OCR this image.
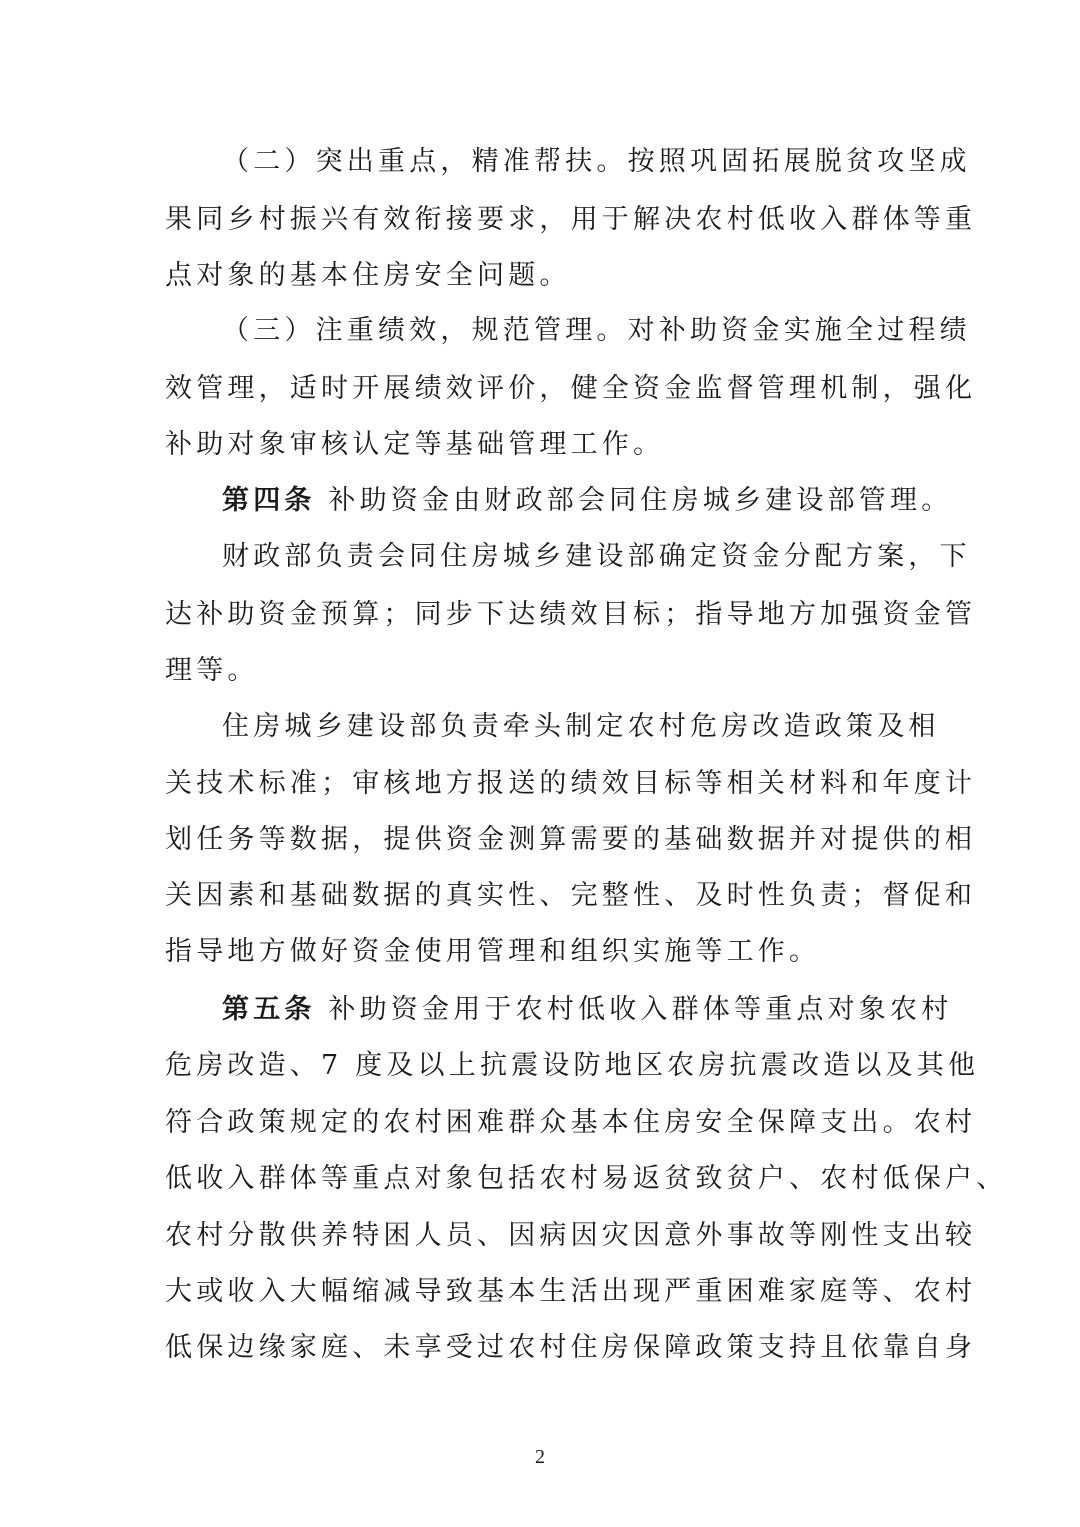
（二）突出重点，精准帮扶。按照巩固拓展脱贫攻坚成
果同乡村振兴有效衔接要求，用于解决农村低收入群体等重
点对象的基本住房安全问题。
（三）注重绩效，规范管理。对补助资金实施全过程绩
效管理，适时开展绩效评价，健全资金监督管理机制，强化
补助对象审核认定等基础管理工作。
第四条 补助资金由财政部会同住房城乡建设部管理。
财政部负责会同住房城乡建设部确定资金分配方案，下
达补助资金预算；同步下达绩效目标；指导地方加强资金管
理等。
住房城乡建设部负责牵头制定农村危房改造政策及相
关技术标准；审核地方报送的绩效目标等相关材料和年度计
划任务等数据，提供资金测算需要的基础数据并对提供的相
关因素和基础数据的真实性、完整性、及时性负责；督促和
指导地方做好资金使用管理和组织实施等工作。
第五条 补助资金用于农村低收入群体等重点对象农村
危房改造、7 度及以上抗震设防地区农房抗震改造以及其他
符合政策规定的农村困难群众基本住房安全保障支出。农村
低收入群体等重点对象包括农村易返贫致贫户、农村低保户、
农村分散供养特困人员、因病因灾因意外事故等刚性支出较
大或收入大幅缩减导致基本生活出现严重困难家庭等、农村
低保边缘家庭、未享受过农村住房保障政策支持且依靠自身
2
